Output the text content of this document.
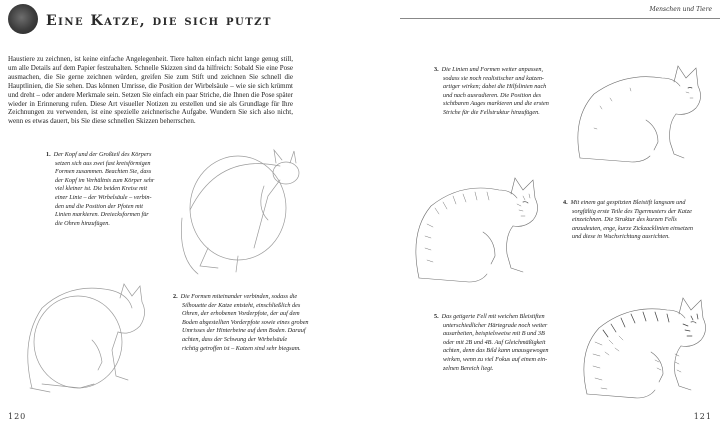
Eine Katze, die sich putzt
Menschen und Tiere
Haustiere zu zeichnen, ist keine einfache Angelegenheit. Tiere halten einfach nicht lange genug still, um alle Details auf dem Papier festzuhalten. Schnelle Skizzen sind da hilfreich: Sobald Sie eine Pose ausmachen, die Sie gerne zeichnen würden, greifen Sie zum Stift und zeichnen Sie schnell die Hauptlinien, die Sie sehen. Das können Umrisse, die Position der Wirbelsäule – wie sie sich krümmt und dreht – oder andere Merkmale sein. Setzen Sie einfach ein paar Striche, die Ihnen die Pose später wieder in Erinnerung rufen. Diese Art visueller Notizen zu erstellen und sie als Grundlage für Ihre Zeichnungen zu verwenden, ist eine spezielle zeichnerische Aufgabe. Wundern Sie sich also nicht, wenn es etwas dauert, bis Sie diese schnellen Skizzen beherrschen.
1. Der Kopf und der Großteil des Körpers
setzen sich aus zwei fast kreisförmigen
Formen zusammen. Beachten Sie, dass
der Kopf im Verhältnis zum Körper sehr
viel kleiner ist. Die beiden Kreise mit
einer Linie – der Wirbelsäule – verbin-
den und die Position der Pfoten mit
Linien markieren. Dreiecksformen für
die Ohren hinzufügen.
2. Die Formen miteinander verbinden, sodass die
Silhouette der Katze entsteht, einschließlich des
Ohren, der erhobenen Vorderpfote, der auf dem
Boden abgestellten Vorderpfote sowie eines groben
Umrisses der Hinterbeine auf dem Boden. Darauf
achten, dass der Schwung der Wirbelsäule
richtig getroffen ist – Katzen sind sehr biegsam.
3. Die Linien und Formen weiter anpassen,
sodass sie noch realistischer und katzen-
artiger wirken; dabei die Hilfslinien nach
und nach ausradieren. Die Position des
sichtbaren Auges markieren und die ersten
Striche für die Fellstruktur hinzufügen.
4. Mit einem gut gespitzten Bleistift langsam und
sorgfältig erste Teile des Tigermusters der Katze
einzeichnen. Die Struktur des kurzen Fells
anzudeuten, enge, kurze Zickzacklinien einsetzen
und diese in Wuchsrichtung ausrichten.
5. Das getigerte Fell mit weichen Bleistiften
unterschiedlicher Härtegrade noch weiter
ausarbeiten, beispielsweise mit B und 3B
oder mit 2B und 4B. Auf Gleichmäßigkeit
achten, denn das Bild kann unausgewogen
wirken, wenn zu viel Fokus auf einem ein-
zelnen Bereich liegt.
120	121
